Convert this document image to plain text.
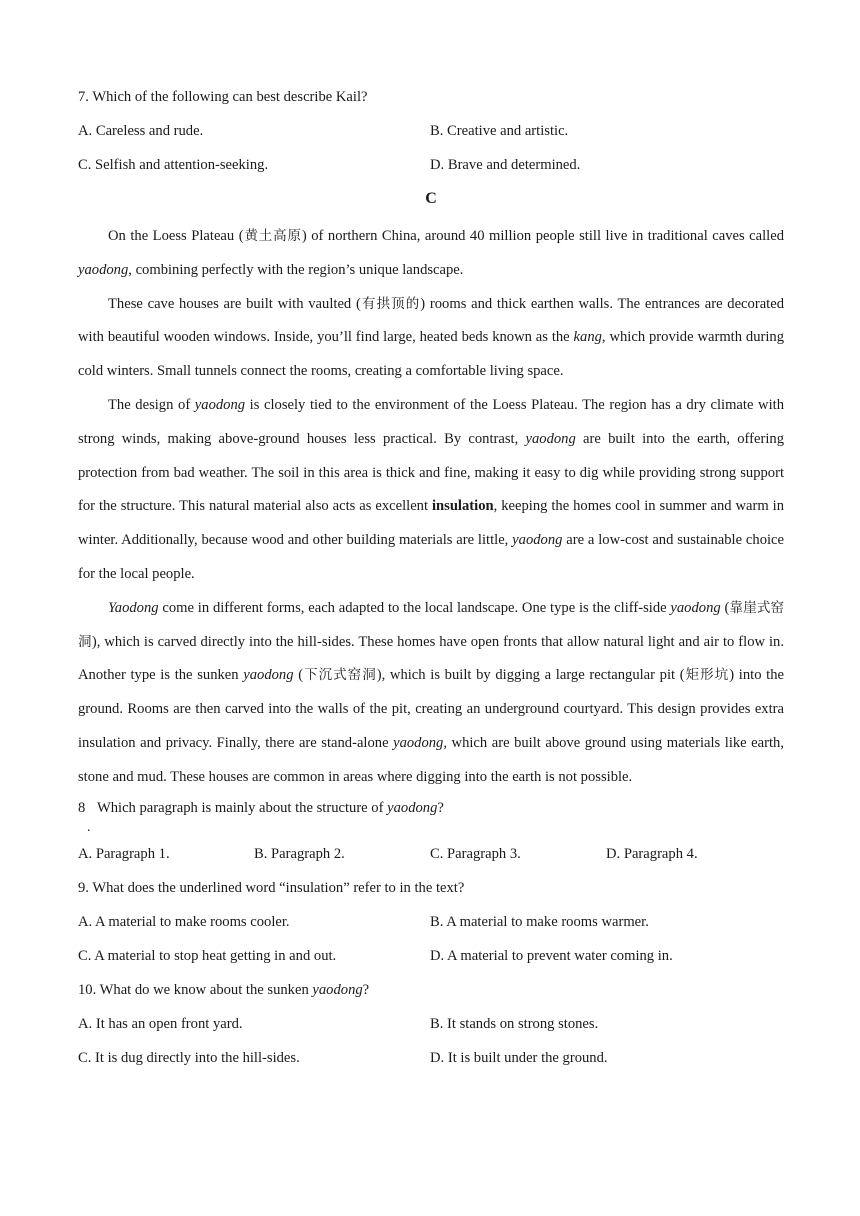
7. Which of the following can best describe Kail?
A. Careless and rude.	B. Creative and artistic.
C. Selfish and attention-seeking.	D. Brave and determined.
C

On the Loess Plateau (黄土高原) of northern China, around 40 million people still live in traditional caves called yaodong, combining perfectly with the region’s unique landscape.

These cave houses are built with vaulted (有拱顶的) rooms and thick earthen walls. The entrances are decorated with beautiful wooden windows. Inside, you’ll find large, heated beds known as the kang, which provide warmth during cold winters. Small tunnels connect the rooms, creating a comfortable living space.

The design of yaodong is closely tied to the environment of the Loess Plateau. The region has a dry climate with strong winds, making above-ground houses less practical. By contrast, yaodong are built into the earth, offering protection from bad weather. The soil in this area is thick and fine, making it easy to dig while providing strong support for the structure. This natural material also acts as excellent insulation, keeping the homes cool in summer and warm in winter. Additionally, because wood and other building materials are little, yaodong are a low-cost and sustainable choice for the local people.

Yaodong come in different forms, each adapted to the local landscape. One type is the cliff-side yaodong (靠崖式窑洞), which is carved directly into the hill-sides. These homes have open fronts that allow natural light and air to flow in. Another type is the sunken yaodong (下沉式窑洞), which is built by digging a large rectangular pit (矩形坑) into the ground. Rooms are then carved into the walls of the pit, creating an underground courtyard. This design provides extra insulation and privacy. Finally, there are stand-alone yaodong, which are built above ground using materials like earth, stone and mud. These houses are common in areas where digging into the earth is not possible.

8
.
Which paragraph is mainly about the structure of yaodong?
A. Paragraph 1.	B. Paragraph 2.	C. Paragraph 3.	D. Paragraph 4.
9. What does the underlined word “insulation” refer to in the text?
A. A material to make rooms cooler.	B. A material to make rooms warmer.
C. A material to stop heat getting in and out.	D. A material to prevent water coming in.
10. What do we know about the sunken yaodong?
A. It has an open front yard.	B. It stands on strong stones.
C. It is dug directly into the hill-sides.	D. It is built under the ground.
